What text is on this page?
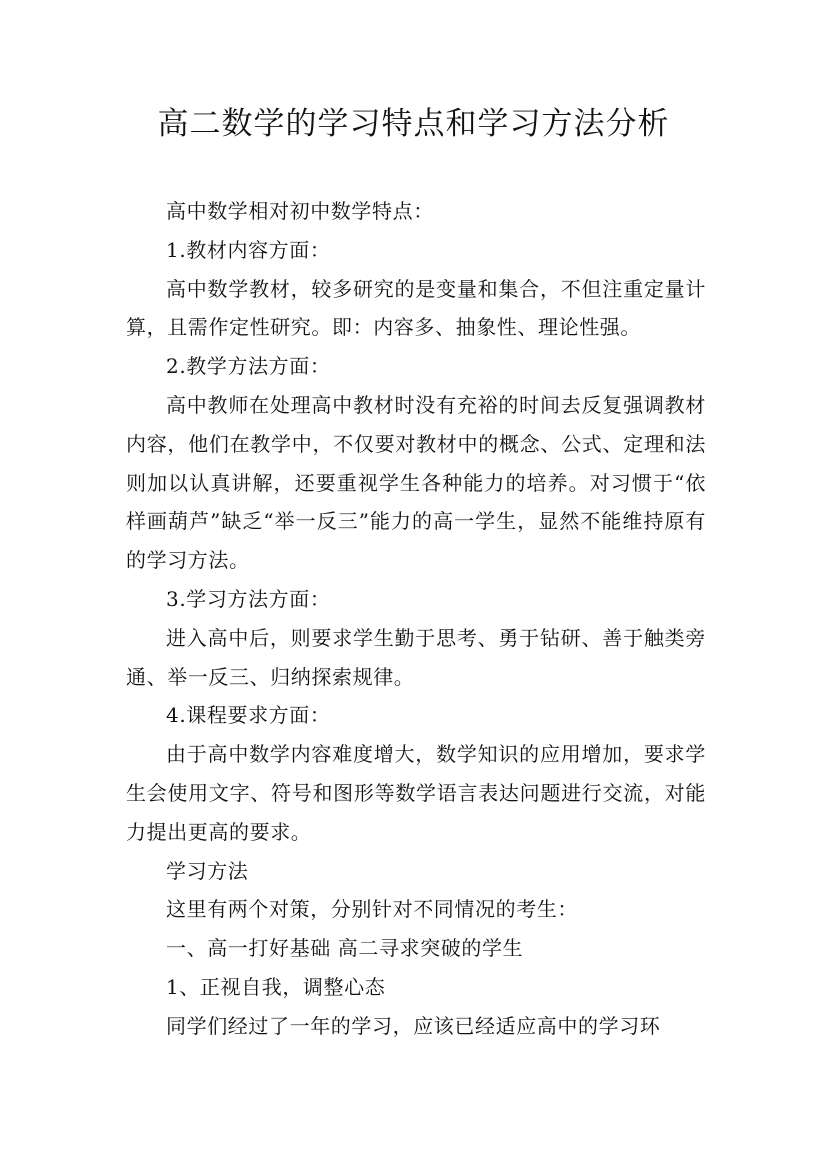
高二数学的学习特点和学习方法分析

高中数学相对初中数学特点：

1.教材内容方面：

高中数学教材，较多研究的是变量和集合，不但注重定量计算，且需作定性研究。即：内容多、抽象性、理论性强。

2.教学方法方面：

高中教师在处理高中教材时没有充裕的时间去反复强调教材内容，他们在教学中，不仅要对教材中的概念、公式、定理和法则加以认真讲解，还要重视学生各种能力的培养。对习惯于“依样画葫芦”缺乏“举一反三”能力的高一学生，显然不能维持原有的学习方法。

3.学习方法方面：

进入高中后，则要求学生勤于思考、勇于钻研、善于触类旁通、举一反三、归纳探索规律。

4.课程要求方面：

由于高中数学内容难度增大，数学知识的应用增加，要求学生会使用文字、符号和图形等数学语言表达问题进行交流，对能力提出更高的要求。

学习方法

这里有两个对策，分别针对不同情况的考生：

一、高一打好基础 高二寻求突破的学生

1、正视自我，调整心态

同学们经过了一年的学习，应该已经适应高中的学习环
